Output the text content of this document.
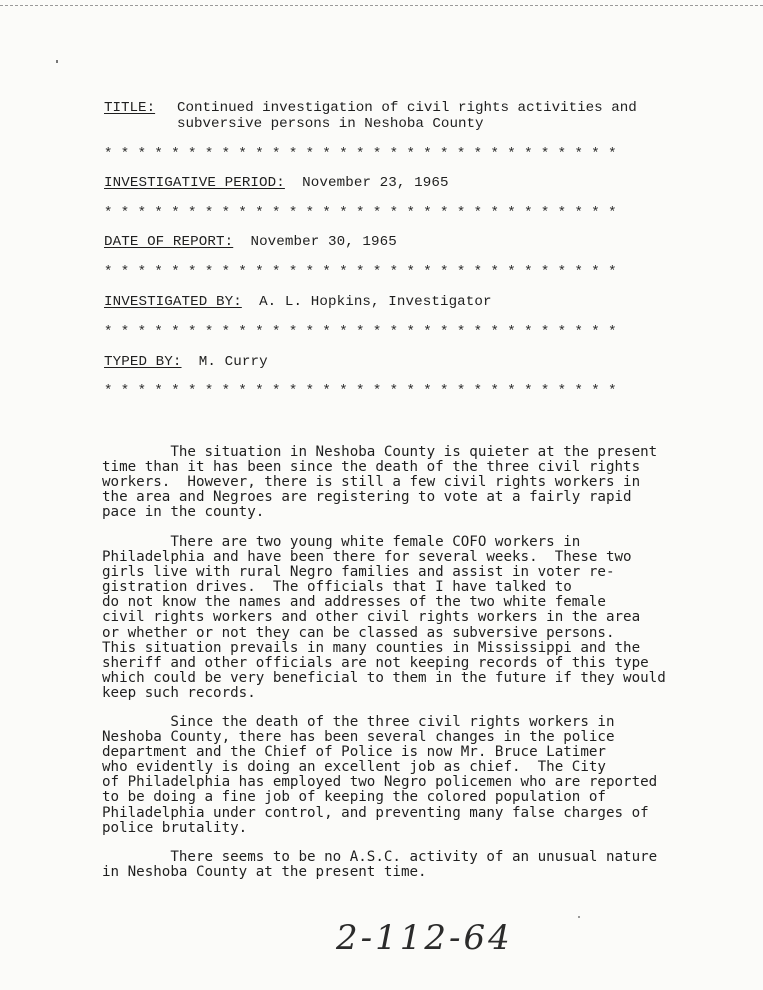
TITLE: Continued investigation of civil rights activities and
subversive persons in Neshoba County
* * * * * * * * * * * * * * * * * * * * * * * * * * * * * * *
INVESTIGATIVE PERIOD: November 23, 1965
* * * * * * * * * * * * * * * * * * * * * * * * * * * * * * *
DATE OF REPORT: November 30, 1965
* * * * * * * * * * * * * * * * * * * * * * * * * * * * * * *
INVESTIGATED BY: A. L. Hopkins, Investigator
* * * * * * * * * * * * * * * * * * * * * * * * * * * * * * *
TYPED BY: M. Curry
* * * * * * * * * * * * * * * * * * * * * * * * * * * * * * *
The situation in Neshoba County is quieter at the present
time than it has been since the death of the three civil rights
workers.  However, there is still a few civil rights workers in
the area and Negroes are registering to vote at a fairly rapid
pace in the county.
There are two young white female COFO workers in
Philadelphia and have been there for several weeks.  These two
girls live with rural Negro families and assist in voter re-
gistration drives.  The officials that I have talked to
do not know the names and addresses of the two white female
civil rights workers and other civil rights workers in the area
or whether or not they can be classed as subversive persons.
This situation prevails in many counties in Mississippi and the
sheriff and other officials are not keeping records of this type
which could be very beneficial to them in the future if they would
keep such records.
Since the death of the three civil rights workers in
Neshoba County, there has been several changes in the police
department and the Chief of Police is now Mr. Bruce Latimer
who evidently is doing an excellent job as chief.  The City
of Philadelphia has employed two Negro policemen who are reported
to be doing a fine job of keeping the colored population of
Philadelphia under control, and preventing many false charges of
police brutality.
There seems to be no A.S.C. activity of an unusual nature
in Neshoba County at the present time.
2-112-64
